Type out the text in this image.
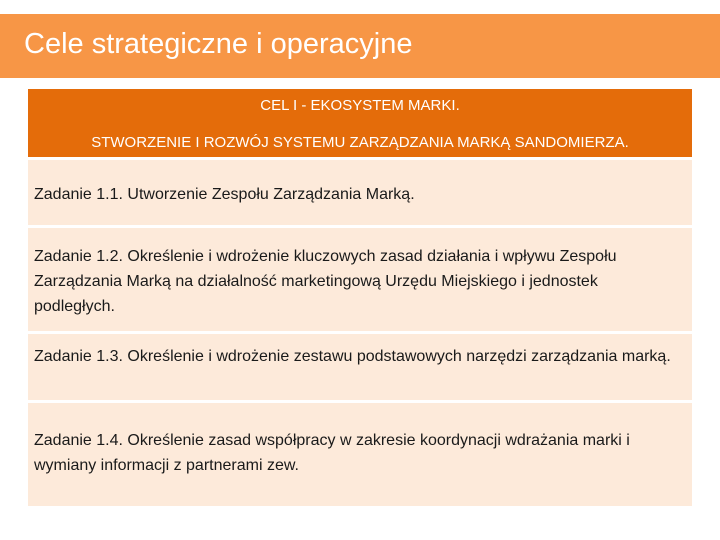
Cele strategiczne i operacyjne
CEL I - EKOSYSTEM MARKI.
STWORZENIE I ROZWÓJ SYSTEMU ZARZĄDZANIA MARKĄ SANDOMIERZA.
Zadanie 1.1. Utworzenie Zespołu Zarządzania Marką.
Zadanie 1.2. Określenie i wdrożenie kluczowych zasad działania i wpływu Zespołu Zarządzania Marką na działalność marketingową Urzędu Miejskiego i jednostek podległych.
Zadanie 1.3. Określenie i wdrożenie zestawu podstawowych narzędzi zarządzania marką.
Zadanie 1.4. Określenie zasad współpracy w zakresie koordynacji wdrażania marki i wymiany informacji z partnerami zew.
